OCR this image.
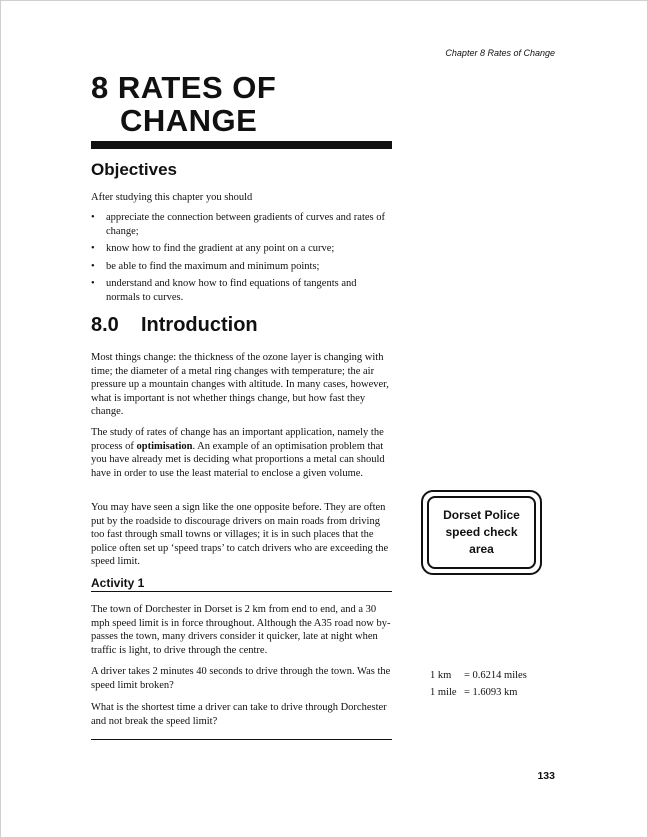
Chapter 8 Rates of Change
8 RATES OF
CHANGE
Objectives

After studying this chapter you should

• appreciate the connection between gradients of curves and rates of change;
• know how to find the gradient at any point on a curve;
• be able to find the maximum and minimum points;
• understand and know how to find equations of tangents and normals to curves.
8.0 Introduction

Most things change: the thickness of the ozone layer is changing with time; the diameter of a metal ring changes with temperature; the air pressure up a mountain changes with altitude. In many cases, however, what is important is not whether things change, but how fast they change.

The study of rates of change has an important application, namely the process of optimisation. An example of an optimisation problem that you have already met is deciding what proportions a metal can should have in order to use the least material to enclose a given volume.

You may have seen a sign like the one opposite before. They are often put by the roadside to discourage drivers on main roads from driving too fast through small towns or villages; it is in such places that the police often set up ‘speed traps’ to catch drivers who are exceeding the speed limit.

Dorset Police
speed check
area
Activity 1

The town of Dorchester in Dorset is 2 km from end to end, and a 30 mph speed limit is in force throughout. Although the A35 road now by-passes the town, many drivers consider it quicker, late at night when traffic is light, to drive through the centre.

A driver takes 2 minutes 40 seconds to drive through the town. Was the speed limit broken?

What is the shortest time a driver can take to drive through Dorchester and not break the speed limit?

1 km = 0.6214 miles
1 mile = 1.6093 km
133
